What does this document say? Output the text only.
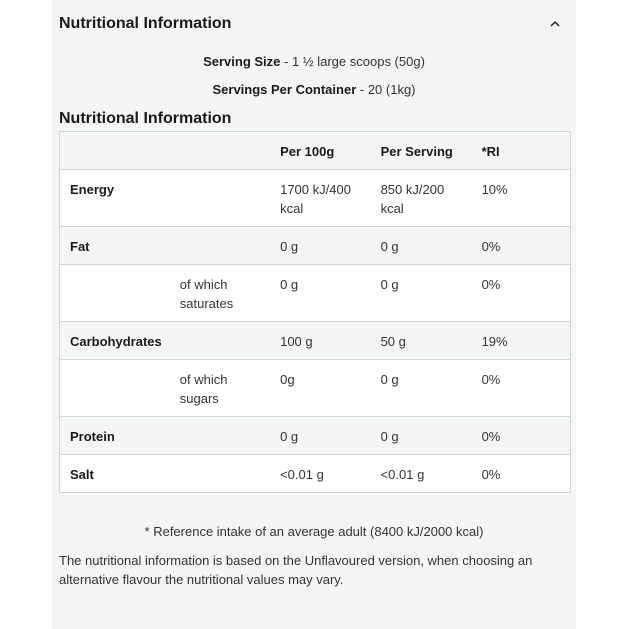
Nutritional Information
Serving Size - 1 ½ large scoops (50g)
Servings Per Container - 20 (1kg)
Nutritional Information
		Per 100g	Per Serving	*RI
Energy		1700 kJ/400 kcal	850 kJ/200 kcal	10%
Fat		0 g	0 g	0%
	of which saturates	0 g	0 g	0%
Carbohydrates		100 g	50 g	19%
	of which sugars	0g	0 g	0%
Protein		0 g	0 g	0%
Salt		<0.01 g	<0.01 g	0%
* Reference intake of an average adult (8400 kJ/2000 kcal)
The nutritional information is based on the Unflavoured version, when choosing an alternative flavour the nutritional values may vary.
